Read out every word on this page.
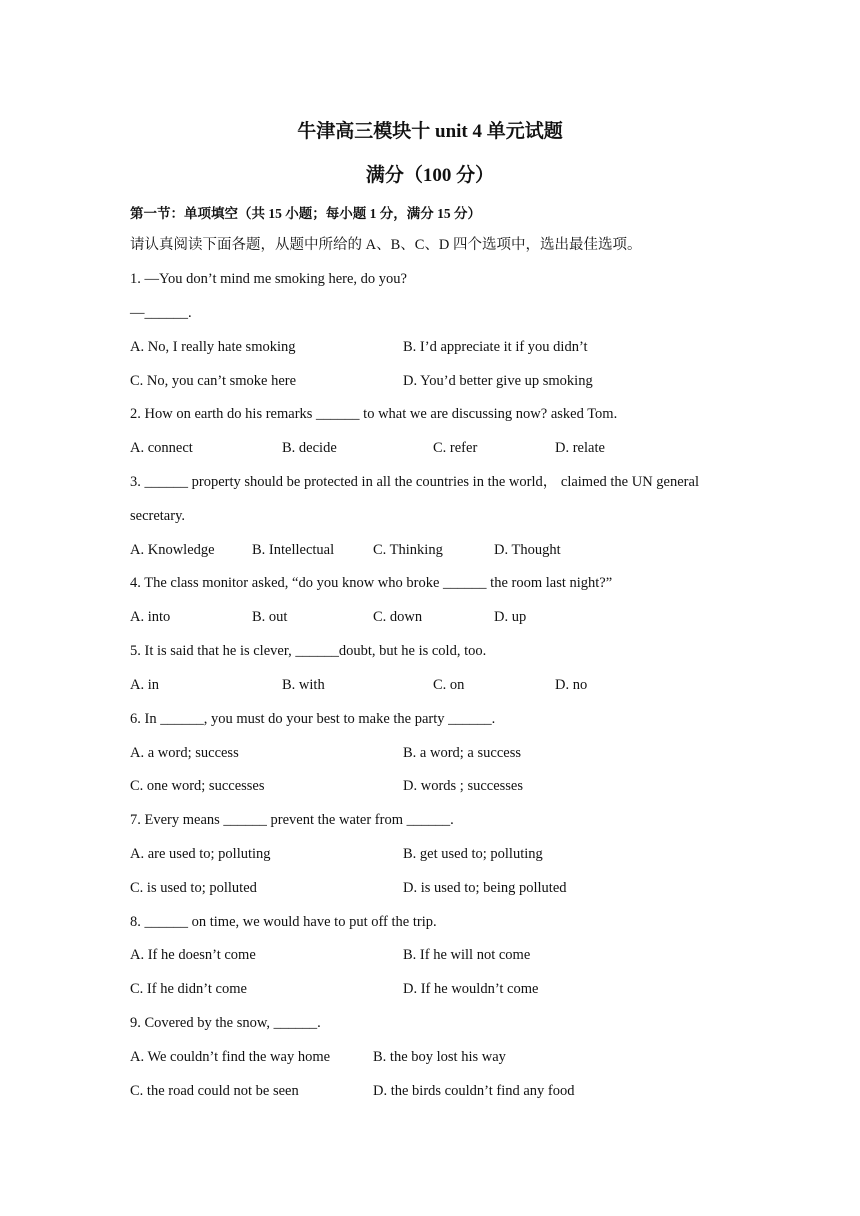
牛津高三模块十 unit 4 单元试题
满分（100 分）
第一节：单项填空（共 15 小题；每小题 1 分，满分 15 分）
请认真阅读下面各题，从题中所给的 A、B、C、D 四个选项中，选出最佳选项。
1. —You don’t mind me smoking here, do you?
—______.
A. No, I really hate smoking	B. I’d appreciate it if you didn’t
C. No, you can’t smoke here	D. You’d better give up smoking
2. How on earth do his remarks ______ to what we are discussing now? asked Tom.
A. connect	B. decide	C. refer	D. relate
3. ______ property should be protected in all the countries in the world， claimed the UN general
secretary.
A. Knowledge	B. Intellectual	C. Thinking	D. Thought
4. The class monitor asked, “do you know who broke ______ the room last night?”
A. into	B. out	C. down	D. up
5. It is said that he is clever, ______doubt, but he is cold, too.
A. in	B. with	C. on	D. no
6. In ______, you must do your best to make the party ______.
A. a word; success	B. a word; a success
C. one word; successes	D. words ; successes
7. Every means ______ prevent the water from ______.
A. are used to; polluting	B. get used to; polluting
C. is used to; polluted	D. is used to; being polluted
8. ______ on time, we would have to put off the trip.
A. If he doesn’t come	B. If he will not come
C. If he didn’t come	D. If he wouldn’t come
9. Covered by the snow, ______.
A. We couldn’t find the way home	B. the boy lost his way
C. the road could not be seen	D. the birds couldn’t find any food
